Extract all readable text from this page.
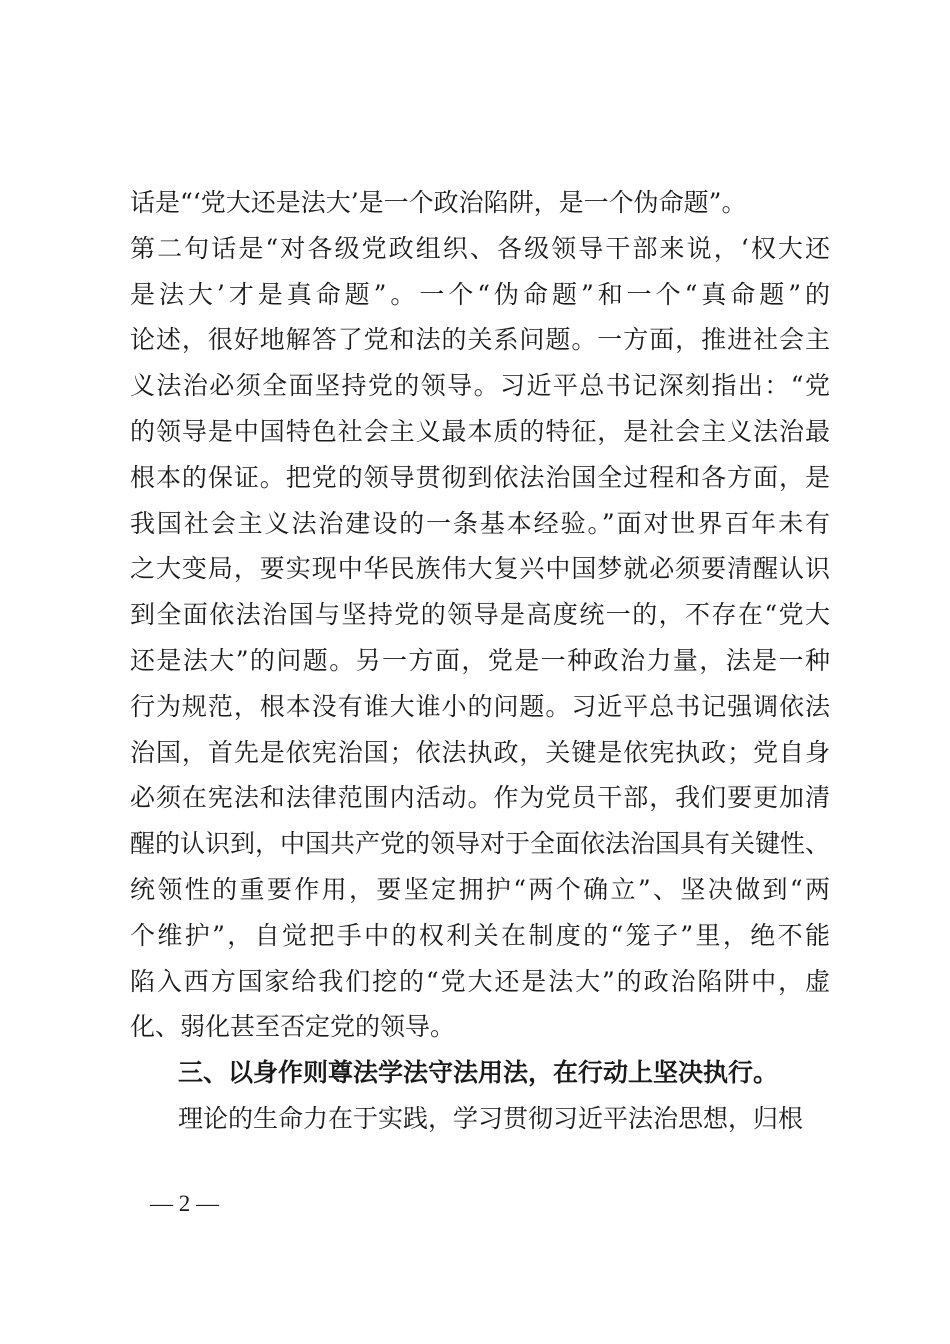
话是“‘党大还是法大’是一个政治陷阱，是一个伪命题”。
第二句话是“对各级党政组织、各级领导干部来说，‘权大还
是法大’才是真命题”。一个“伪命题”和一个“真命题”的
论述，很好地解答了党和法的关系问题。一方面，推进社会主
义法治必须全面坚持党的领导。习近平总书记深刻指出：“党
的领导是中国特色社会主义最本质的特征，是社会主义法治最
根本的保证。把党的领导贯彻到依法治国全过程和各方面，是
我国社会主义法治建设的一条基本经验。”面对世界百年未有
之大变局，要实现中华民族伟大复兴中国梦就必须要清醒认识
到全面依法治国与坚持党的领导是高度统一的，不存在“党大
还是法大”的问题。另一方面，党是一种政治力量，法是一种
行为规范，根本没有谁大谁小的问题。习近平总书记强调依法
治国，首先是依宪治国；依法执政，关键是依宪执政；党自身
必须在宪法和法律范围内活动。作为党员干部，我们要更加清
醒的认识到，中国共产党的领导对于全面依法治国具有关键性、
统领性的重要作用，要坚定拥护“两个确立”、坚决做到“两
个维护”，自觉把手中的权利关在制度的“笼子”里，绝不能
陷入西方国家给我们挖的“党大还是法大”的政治陷阱中，虚
化、弱化甚至否定党的领导。
三、以身作则尊法学法守法用法，在行动上坚决执行。
理论的生命力在于实践，学习贯彻习近平法治思想，归根
— 2 —
